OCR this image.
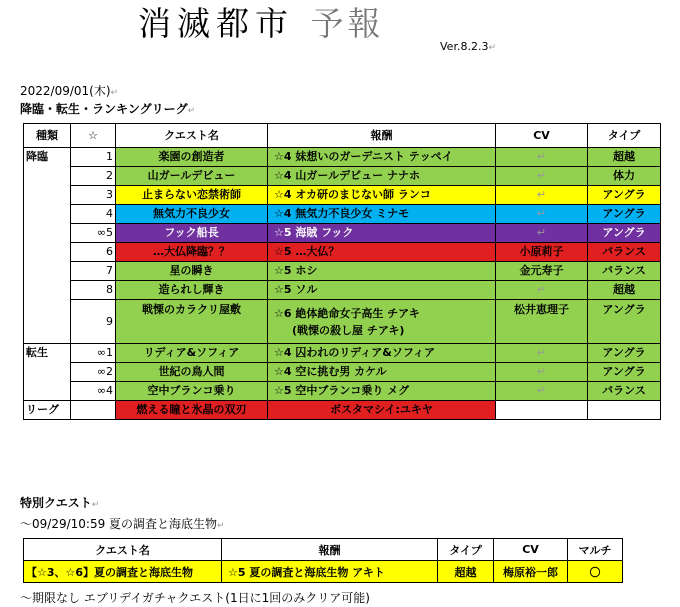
消滅都市 予報
Ver.8.2.3↵
2022/09/01(木)↵
降臨・転生・ランキングリーグ↵
種類	☆	クエスト名	報酬	CV	タイプ
降臨	1	楽園の創造者	☆4 妹想いのガーデニスト テッペイ	↵	超越
	2	山ガールデビュー	☆4 山ガールデビュー ナナホ	↵	体力
	3	止まらない恋禁術師	☆4 オカ研のまじない師 ランコ	↵	アングラ
	4	無気力不良少女	☆4 無気力不良少女 ミナモ	↵	アングラ
	∞5	フック船長	☆5 海賊 フック	↵	アングラ
	6	…大仏降臨？？	☆5 …大仏？	小原莉子	バランス
	7	星の瞬き	☆5 ホシ	金元寿子	バランス
	8	造られし輝き	☆5 ソル	↵	超越
	9	戦慄のカラクリ屋敷	☆6 絶体絶命女子高生 チアキ
(戦慄の殺し屋 チアキ)	松井恵理子	アングラ
転生	∞1	リディア&ソフィア	☆4 囚われのリディア&ソフィア	↵	アングラ
	∞2	世紀の鳥人間	☆4 空に挑む男 カケル	↵	アングラ
	∞4	空中ブランコ乗り	☆5 空中ブランコ乗り メグ	↵	バランス
リーグ		燃える瞳と氷晶の双刃	ボスタマシイ:ユキヤ		
特別クエスト↵
～09/29/10:59 夏の調査と海底生物↵
クエスト名	報酬	タイプ	CV	マルチ
【☆3、☆6】夏の調査と海底生物	☆5 夏の調査と海底生物 アキト	超越	梅原裕一郎	〇
～期限なし エブリデイガチャクエスト(1日に1回のみクリア可能)
